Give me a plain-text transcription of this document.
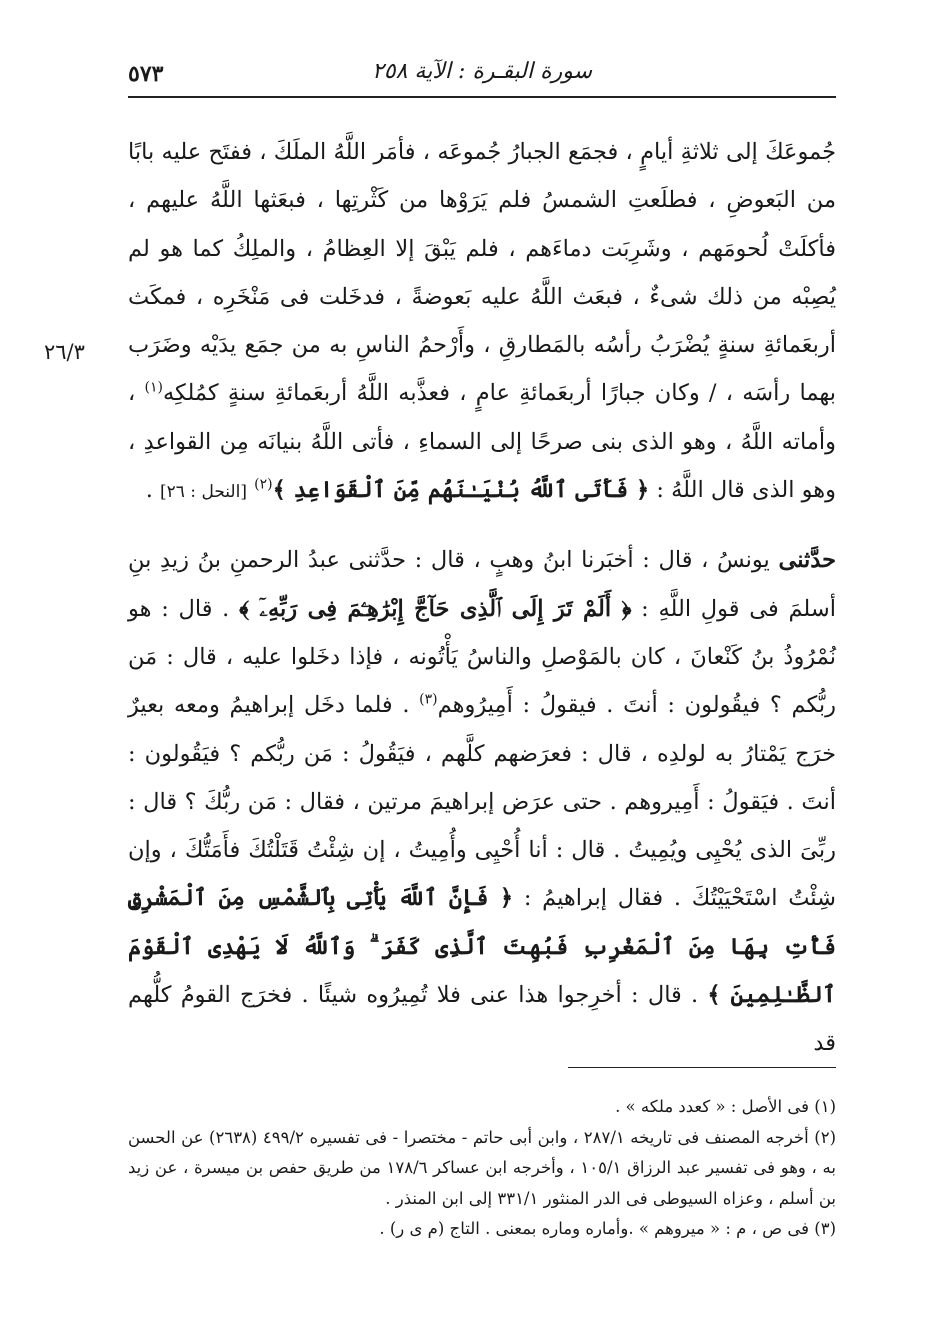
٥٧٣	سورة البقـرة : الآية ٢٥٨
٢٦/٣

جُموعَكَ إلى ثلاثةِ أيامٍ ، فجمَع الجبارُ جُموعَه ، فأمَر اللَّهُ الملَكَ ، ففتَح عليه بابًا من البَعوضِ ، فطلَعتِ الشمسُ فلم يَرَوْها من كَثْرتِها ، فبعَثها اللَّهُ عليهم ، فأكلَتْ لُحومَهم ، وشَرِبَت دماءَهم ، فلم يَبْقَ إلا العِظامُ ، والملِكُ كما هو لم يُصِبْه من ذلك شىءٌ ، فبعَث اللَّهُ عليه بَعوضةً ، فدخَلت فى مَنْخَرِه ، فمكَث أربعَمائةِ سنةٍ يُضْرَبُ رأسُه بالمَطارقِ ، وأَرْحمُ الناسِ به من جمَع يدَيْه وضَرَب بهما رأسَه ، / وكان جبارًا أربعَمائةِ عامٍ ، فعذَّبه اللَّهُ أربعَمائةِ سنةٍ كمُلكِه$^{(١)}$ ، وأماته اللَّهُ ، وهو الذى بنى صرحًا إلى السماءِ ، فأتى اللَّهُ بنيانَه مِن القواعدِ ، وهو الذى قال اللَّهُ : ﴿ فَأَتَى ٱللَّهُ بُنْيَـٰنَهُم مِّنَ ٱلْقَوَاعِدِ ﴾$^{(٢)}$ [النحل : ٢٦] .

حدَّثنى يونسُ ، قال : أخبَرنا ابنُ وهبٍ ، قال : حدَّثنى عبدُ الرحمنِ بنُ زيدِ بنِ أسلمَ فى قولِ اللَّهِ : ﴿ أَلَمْ تَرَ إِلَى ٱلَّذِى حَآجَّ إِبْرَٰهِـۧمَ فِى رَبِّهِۦٓ ﴾ . قال : هو نُمْرُوذُ بنُ كَنْعانَ ، كان بالمَوْصلِ والناسُ يَأْتُونه ، فإذا دخَلوا عليه ، قال : مَن ربُّكم ؟ فيقُولون : أنتَ . فيقولُ : أَمِيرُوهم$^{(٣)}$ . فلما دخَل إبراهيمُ ومعه بعيرٌ خرَج يَمْتارُ به لولدِه ، قال : فعرَضهم كلَّهم ، فيَقُولُ : مَن ربُّكم ؟ فيَقُولون : أنتَ . فيَقولُ : أَمِيروهم . حتى عرَض إبراهيمَ مرتين ، فقال : مَن ربُّكَ ؟ قال : ربِّىَ الذى يُحْيِى ويُمِيتُ . قال : أنا أُحْيِى وأُمِيتُ ، إن شِئْتُ قَتَلْتُكَ فأَمَتُّكَ ، وإن شِئْتُ اسْتَحْيَيْتُكَ . فقال إبراهيمُ : ﴿ فَإِنَّ ٱللَّهَ يَأْتِى بِٱلشَّمْسِ مِنَ ٱلْمَشْرِقِ فَأْتِ بِهَا مِنَ ٱلْمَغْرِبِ فَبُهِتَ ٱلَّذِى كَفَرَ ۗ وَٱللَّهُ لَا يَهْدِى ٱلْقَوْمَ ٱلظَّـٰلِمِينَ ﴾ . قال : أخرِجوا هذا عنى فلا تُمِيرُوه شيئًا . فخرَج القومُ كلُّهم قد

(١) فى الأصل : « كعدد ملكه » .

(٢) أخرجه المصنف فى تاريخه ٢٨٧/١ ، وابن أبى حاتم - مختصرا - فى تفسيره ٤٩٩/٢ (٢٦٣٨) عن الحسن به ، وهو فى تفسير عبد الرزاق ١٠٥/١ ، وأخرجه ابن عساكر ١٧٨/٦ من طريق حفص بن ميسرة ، عن زيد بن أسلم ، وعزاه السيوطى فى الدر المنثور ٣٣١/١ إلى ابن المنذر .

(٣) فى ص ، م : « ميروهم » .وأماره وماره بمعنى . التاج (م ى ر) .
